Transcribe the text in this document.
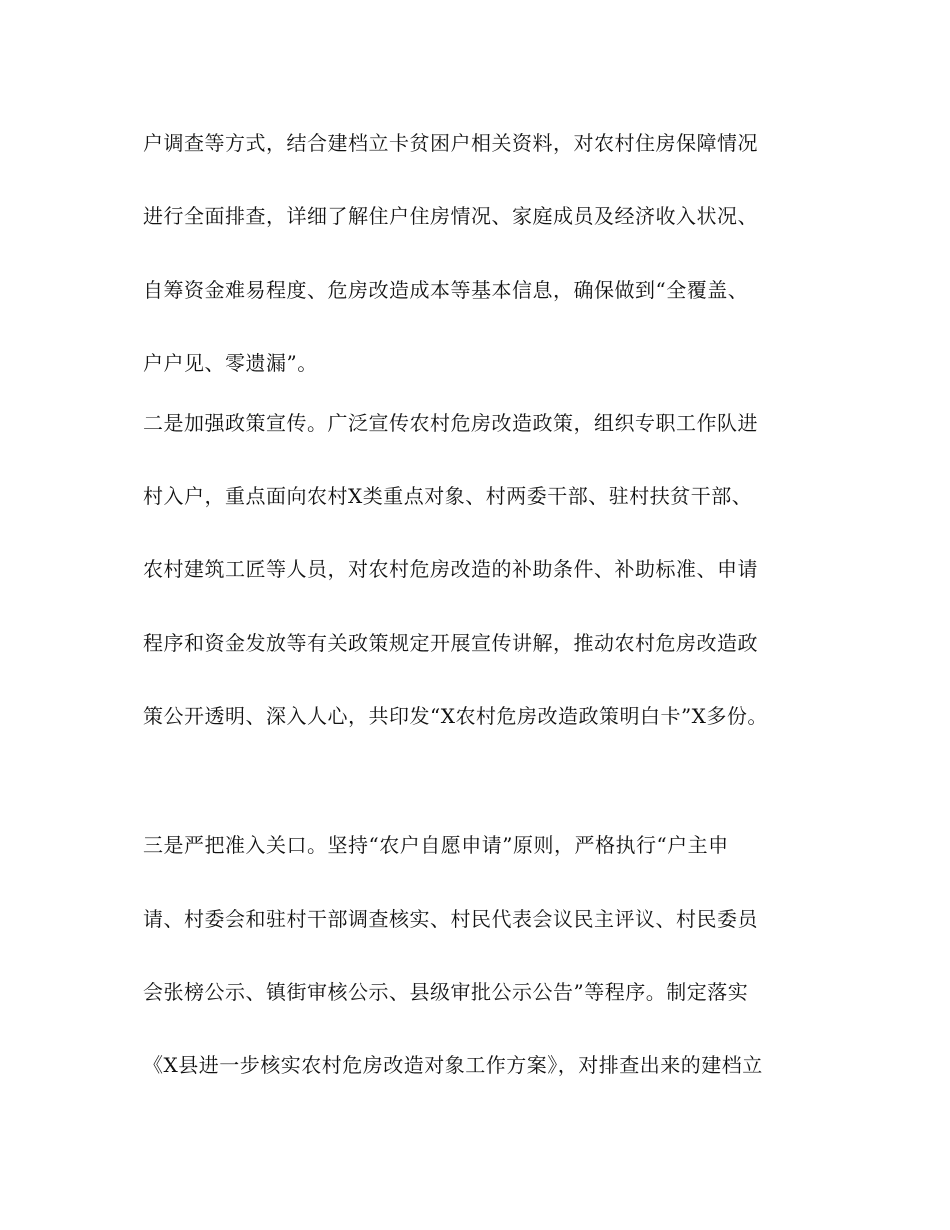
户调查等方式，结合建档立卡贫困户相关资料，对农村住房保障情况
进行全面排查，详细了解住户住房情况、家庭成员及经济收入状况、
自筹资金难易程度、危房改造成本等基本信息，确保做到“全覆盖、
户户见、零遗漏”。
二是加强政策宣传。广泛宣传农村危房改造政策，组织专职工作队进
村入户，重点面向农村X类重点对象、村两委干部、驻村扶贫干部、
农村建筑工匠等人员，对农村危房改造的补助条件、补助标准、申请
程序和资金发放等有关政策规定开展宣传讲解，推动农村危房改造政
策公开透明、深入人心，共印发“X农村危房改造政策明白卡”X多份。
三是严把准入关口。坚持“农户自愿申请”原则，严格执行“户主申
请、村委会和驻村干部调查核实、村民代表会议民主评议、村民委员
会张榜公示、镇街审核公示、县级审批公示公告”等程序。制定落实
《X县进一步核实农村危房改造对象工作方案》，对排查出来的建档立
